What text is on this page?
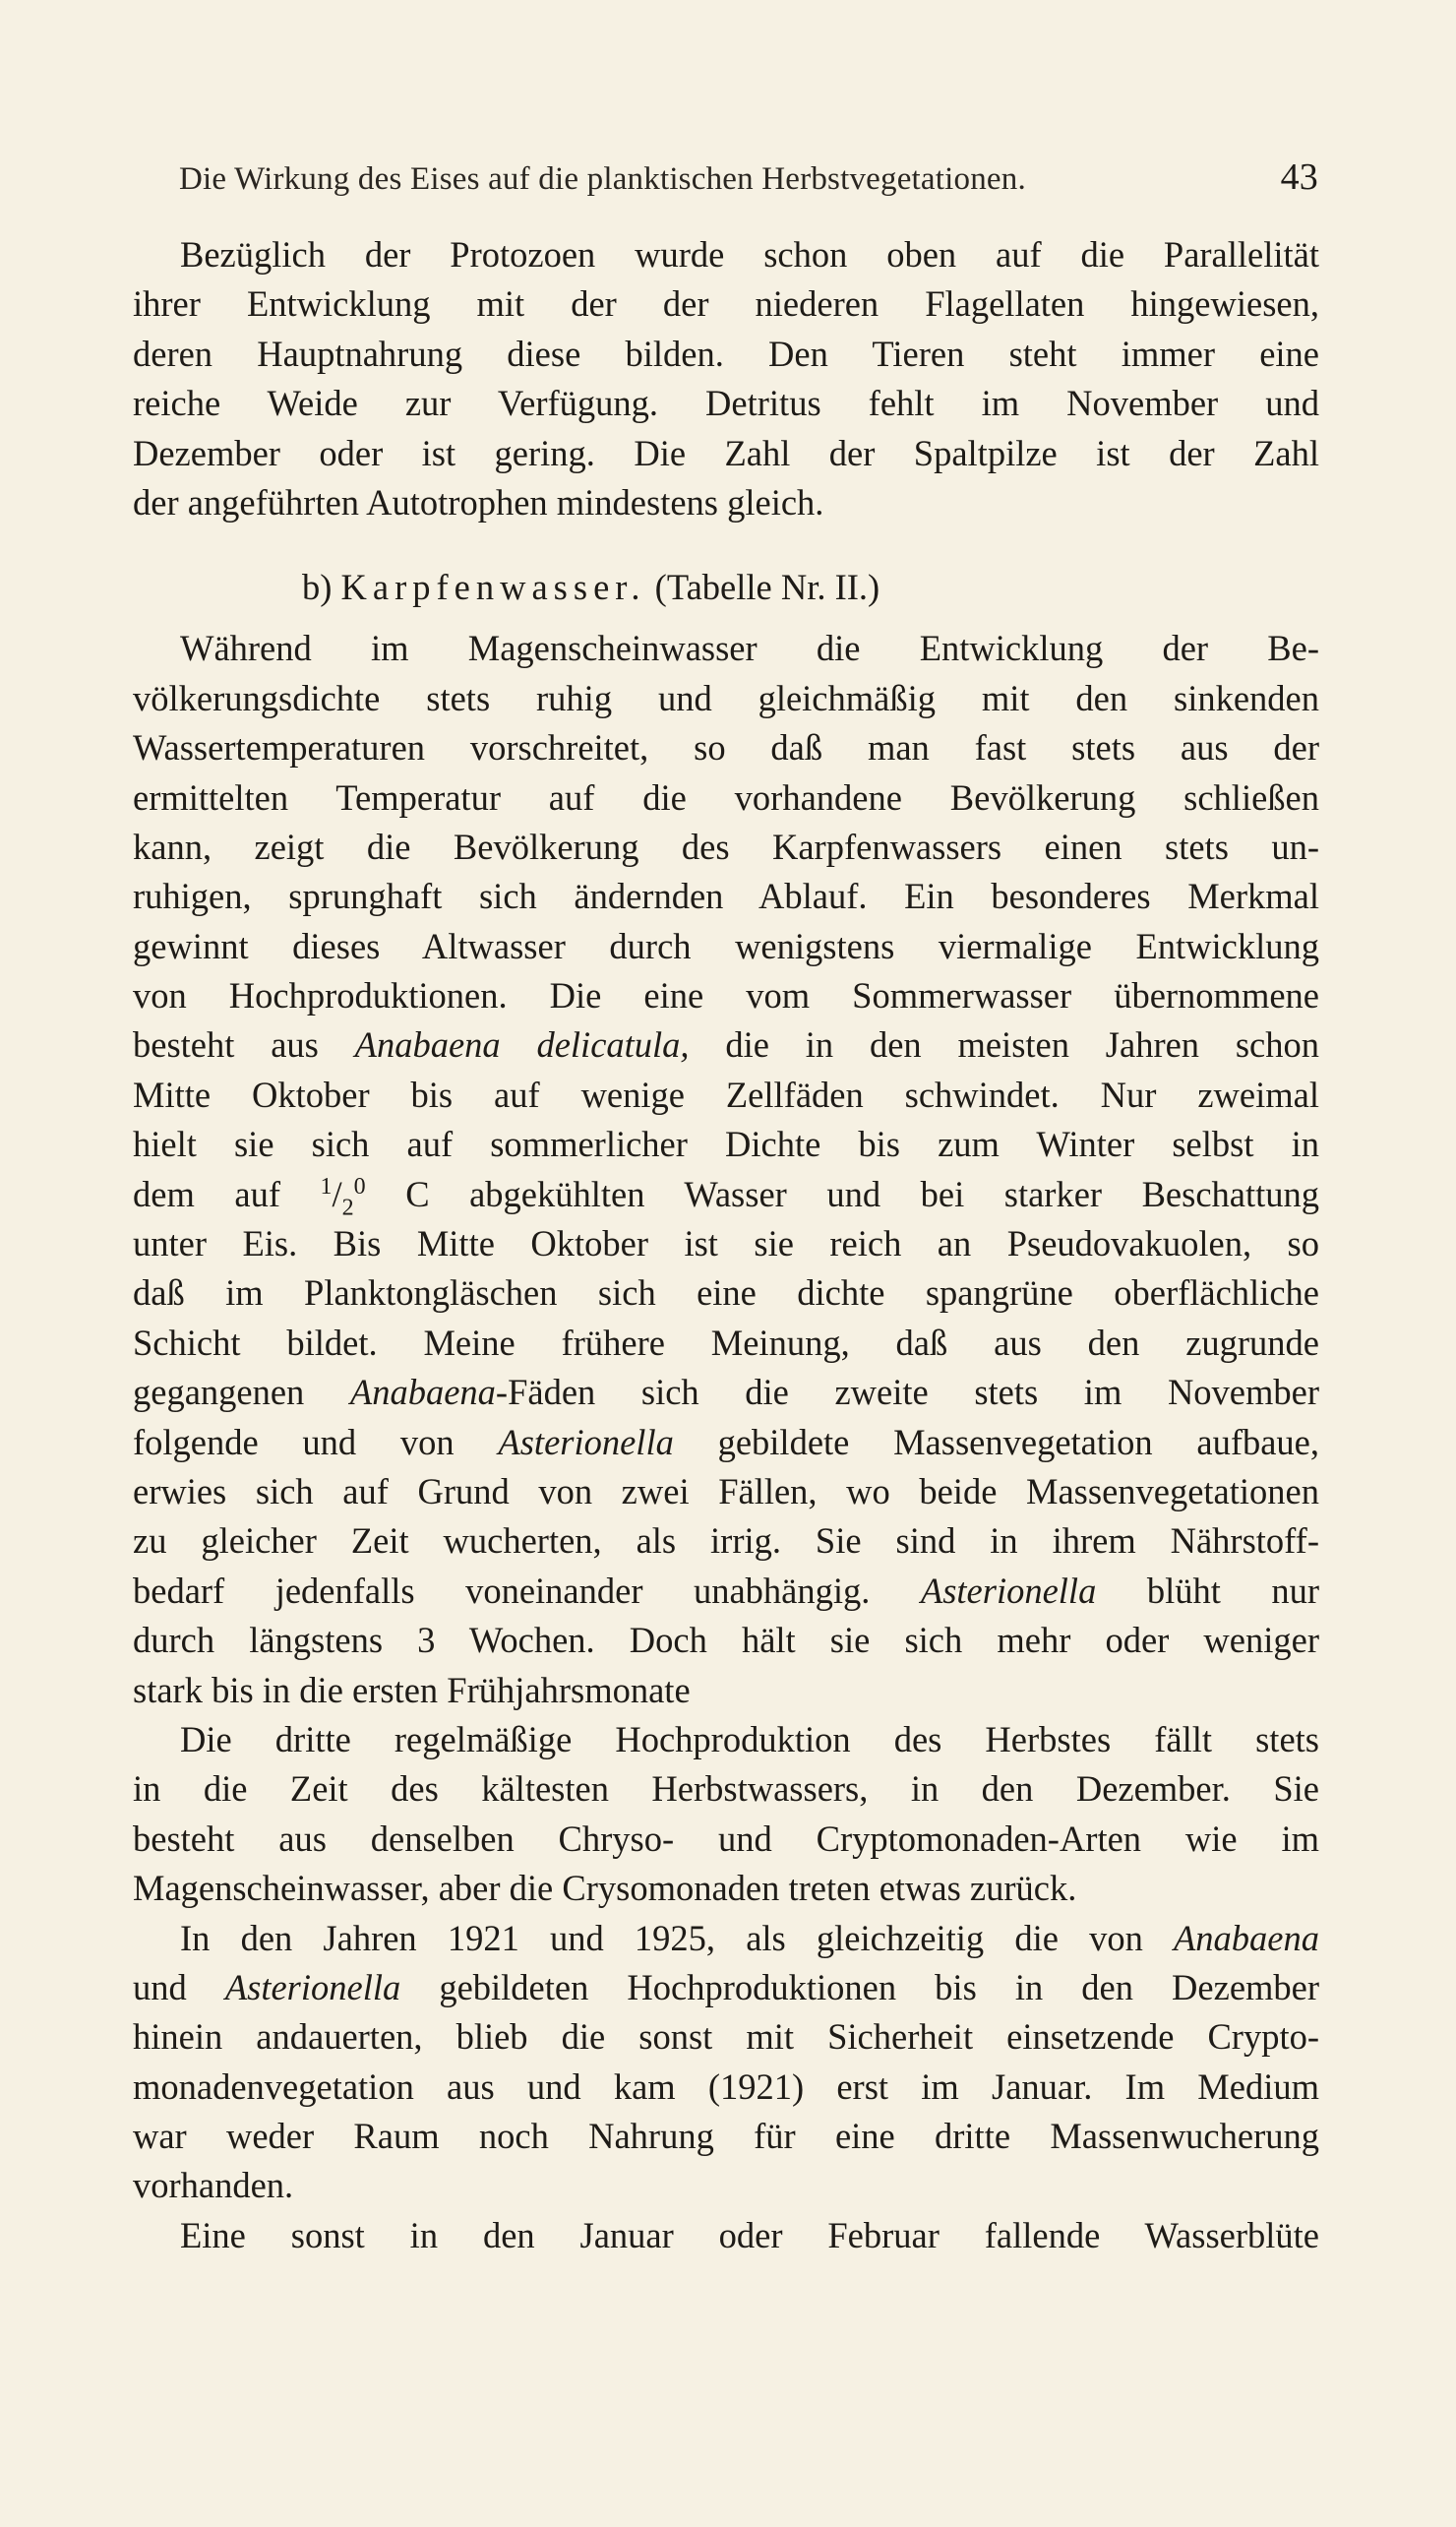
Die Wirkung des Eises auf die planktischen Herbstvegetationen.	43
Bezüglich der Protozoen wurde schon oben auf die Parallelität
ihrer Entwicklung mit der der niederen Flagellaten hingewiesen,
deren Hauptnahrung diese bilden. Den Tieren steht immer eine
reiche Weide zur Verfügung. Detritus fehlt im November und
Dezember oder ist gering. Die Zahl der Spaltpilze ist der Zahl
der angeführten Autotrophen mindestens gleich.
b) Karpfenwasser. (Tabelle Nr. II.)
Während im Magenscheinwasser die Entwicklung der Be-
völkerungsdichte stets ruhig und gleichmäßig mit den sinkenden
Wassertemperaturen vorschreitet, so daß man fast stets aus der
ermittelten Temperatur auf die vorhandene Bevölkerung schließen
kann, zeigt die Bevölkerung des Karpfenwassers einen stets un-
ruhigen, sprunghaft sich ändernden Ablauf. Ein besonderes Merkmal
gewinnt dieses Altwasser durch wenigstens viermalige Entwicklung
von Hochproduktionen. Die eine vom Sommerwasser übernommene
besteht aus Anabaena delicatula, die in den meisten Jahren schon
Mitte Oktober bis auf wenige Zellfäden schwindet. Nur zweimal
hielt sie sich auf sommerlicher Dichte bis zum Winter selbst in
dem auf $^1/_2^0$ C abgekühlten Wasser und bei starker Beschattung
unter Eis. Bis Mitte Oktober ist sie reich an Pseudovakuolen, so
daß im Planktongläschen sich eine dichte spangrüne oberflächliche
Schicht bildet. Meine frühere Meinung, daß aus den zugrunde
gegangenen Anabaena-Fäden sich die zweite stets im November
folgende und von Asterionella gebildete Massenvegetation aufbaue,
erwies sich auf Grund von zwei Fällen, wo beide Massenvegetationen
zu gleicher Zeit wucherten, als irrig. Sie sind in ihrem Nährstoff-
bedarf jedenfalls voneinander unabhängig. Asterionella blüht nur
durch längstens 3 Wochen. Doch hält sie sich mehr oder weniger
stark bis in die ersten Frühjahrsmonate
Die dritte regelmäßige Hochproduktion des Herbstes fällt stets
in die Zeit des kältesten Herbstwassers, in den Dezember. Sie
besteht aus denselben Chryso- und Cryptomonaden-Arten wie im
Magenscheinwasser, aber die Crysomonaden treten etwas zurück.
In den Jahren 1921 und 1925, als gleichzeitig die von Anabaena
und Asterionella gebildeten Hochproduktionen bis in den Dezember
hinein andauerten, blieb die sonst mit Sicherheit einsetzende Crypto-
monadenvegetation aus und kam (1921) erst im Januar. Im Medium
war weder Raum noch Nahrung für eine dritte Massenwucherung
vorhanden.
Eine sonst in den Januar oder Februar fallende Wasserblüte
